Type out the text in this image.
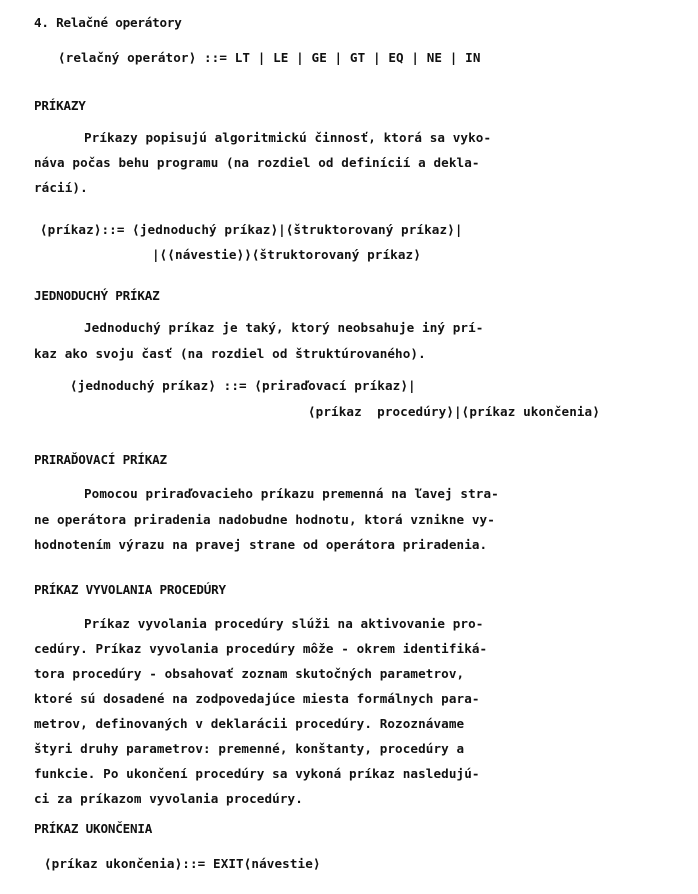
4. Relačné operátory
⟨relačný operátor⟩ ::= LT | LE | GE | GT | EQ | NE | IN
PRÍKAZY
Príkazy popisujú algoritmickú činnosť, ktorá sa vyko-
náva počas behu programu (na rozdiel od definícií a dekla-
rácií).
⟨príkaz⟩::= ⟨jednoduchý príkaz⟩|⟨štruktorovaný príkaz⟩|
|⟨⟨návestie⟩⟩⟨štruktorovaný príkaz⟩
JEDNODUCHÝ PRÍKAZ
Jednoduchý príkaz je taký, ktorý neobsahuje iný prí-
kaz ako svoju časť (na rozdiel od štruktúrovaného).
⟨jednoduchý príkaz⟩ ::= ⟨priraďovací príkaz⟩|
⟨príkaz  procedúry⟩|⟨príkaz ukončenia⟩
PRIRAĎOVACÍ PRÍKAZ
Pomocou priraďovacieho príkazu premenná na ľavej stra-
ne operátora priradenia nadobudne hodnotu, ktorá vznikne vy-
hodnotením výrazu na pravej strane od operátora priradenia.
PRÍKAZ VYVOLANIA PROCEDÚRY
Príkaz vyvolania procedúry slúži na aktivovanie pro-
cedúry. Príkaz vyvolania procedúry môže - okrem identifiká-
tora procedúry - obsahovať zoznam skutočných parametrov,
ktoré sú dosadené na zodpovedajúce miesta formálnych para-
metrov, definovaných v deklarácii procedúry. Rozoznávame
štyri druhy parametrov: premenné, konštanty, procedúry a
funkcie. Po ukončení procedúry sa vykoná príkaz nasledujú-
ci za príkazom vyvolania procedúry.
PRÍKAZ UKONČENIA
⟨príkaz ukončenia⟩::= EXIT⟨návestie⟩
